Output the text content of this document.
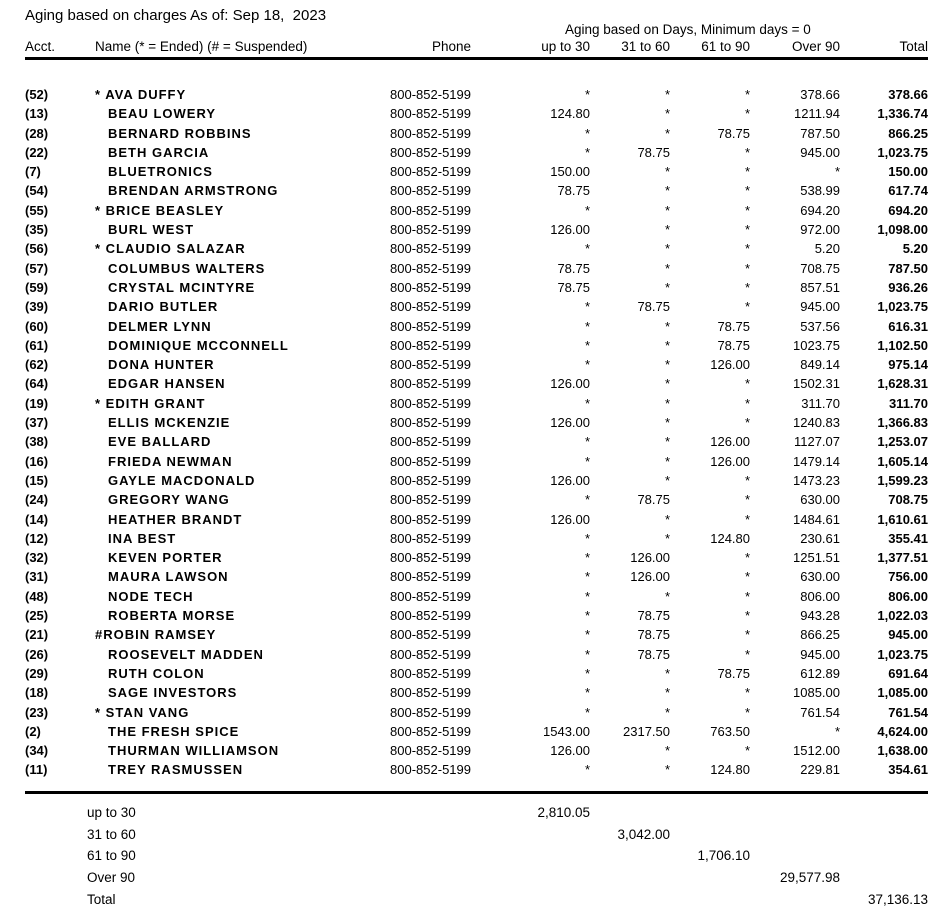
Aging based on charges As of: Sep 18,  2023
Aging based on Days, Minimum days = 0
Acct.	Name (* = Ended) (# = Suspended)	Phone	up to 30	31 to 60	61 to 90	Over 90	Total
(52)	* AVA DUFFY	800-852-5199	*	*	*	378.66	378.66
(13)	BEAU LOWERY	800-852-5199	124.80	*	*	1211.94	1,336.74
(28)	BERNARD ROBBINS	800-852-5199	*	*	78.75	787.50	866.25
(22)	BETH GARCIA	800-852-5199	*	78.75	*	945.00	1,023.75
(7)	BLUETRONICS	800-852-5199	150.00	*	*	*	150.00
(54)	BRENDAN ARMSTRONG	800-852-5199	78.75	*	*	538.99	617.74
(55)	* BRICE BEASLEY	800-852-5199	*	*	*	694.20	694.20
(35)	BURL WEST	800-852-5199	126.00	*	*	972.00	1,098.00
(56)	* CLAUDIO SALAZAR	800-852-5199	*	*	*	5.20	5.20
(57)	COLUMBUS WALTERS	800-852-5199	78.75	*	*	708.75	787.50
(59)	CRYSTAL MCINTYRE	800-852-5199	78.75	*	*	857.51	936.26
(39)	DARIO BUTLER	800-852-5199	*	78.75	*	945.00	1,023.75
(60)	DELMER LYNN	800-852-5199	*	*	78.75	537.56	616.31
(61)	DOMINIQUE MCCONNELL	800-852-5199	*	*	78.75	1023.75	1,102.50
(62)	DONA HUNTER	800-852-5199	*	*	126.00	849.14	975.14
(64)	EDGAR HANSEN	800-852-5199	126.00	*	*	1502.31	1,628.31
(19)	* EDITH GRANT	800-852-5199	*	*	*	311.70	311.70
(37)	ELLIS MCKENZIE	800-852-5199	126.00	*	*	1240.83	1,366.83
(38)	EVE BALLARD	800-852-5199	*	*	126.00	1127.07	1,253.07
(16)	FRIEDA NEWMAN	800-852-5199	*	*	126.00	1479.14	1,605.14
(15)	GAYLE MACDONALD	800-852-5199	126.00	*	*	1473.23	1,599.23
(24)	GREGORY WANG	800-852-5199	*	78.75	*	630.00	708.75
(14)	HEATHER BRANDT	800-852-5199	126.00	*	*	1484.61	1,610.61
(12)	INA BEST	800-852-5199	*	*	124.80	230.61	355.41
(32)	KEVEN PORTER	800-852-5199	*	126.00	*	1251.51	1,377.51
(31)	MAURA LAWSON	800-852-5199	*	126.00	*	630.00	756.00
(48)	NODE TECH	800-852-5199	*	*	*	806.00	806.00
(25)	ROBERTA MORSE	800-852-5199	*	78.75	*	943.28	1,022.03
(21)	#ROBIN RAMSEY	800-852-5199	*	78.75	*	866.25	945.00
(26)	ROOSEVELT MADDEN	800-852-5199	*	78.75	*	945.00	1,023.75
(29)	RUTH COLON	800-852-5199	*	*	78.75	612.89	691.64
(18)	SAGE INVESTORS	800-852-5199	*	*	*	1085.00	1,085.00
(23)	* STAN VANG	800-852-5199	*	*	*	761.54	761.54
(2)	THE FRESH SPICE	800-852-5199	1543.00	2317.50	763.50	*	4,624.00
(34)	THURMAN WILLIAMSON	800-852-5199	126.00	*	*	1512.00	1,638.00
(11)	TREY RASMUSSEN	800-852-5199	*	*	124.80	229.81	354.61
up to 30	2,810.05
31 to 60	3,042.00
61 to 90	1,706.10
Over 90	29,577.98
Total	37,136.13
